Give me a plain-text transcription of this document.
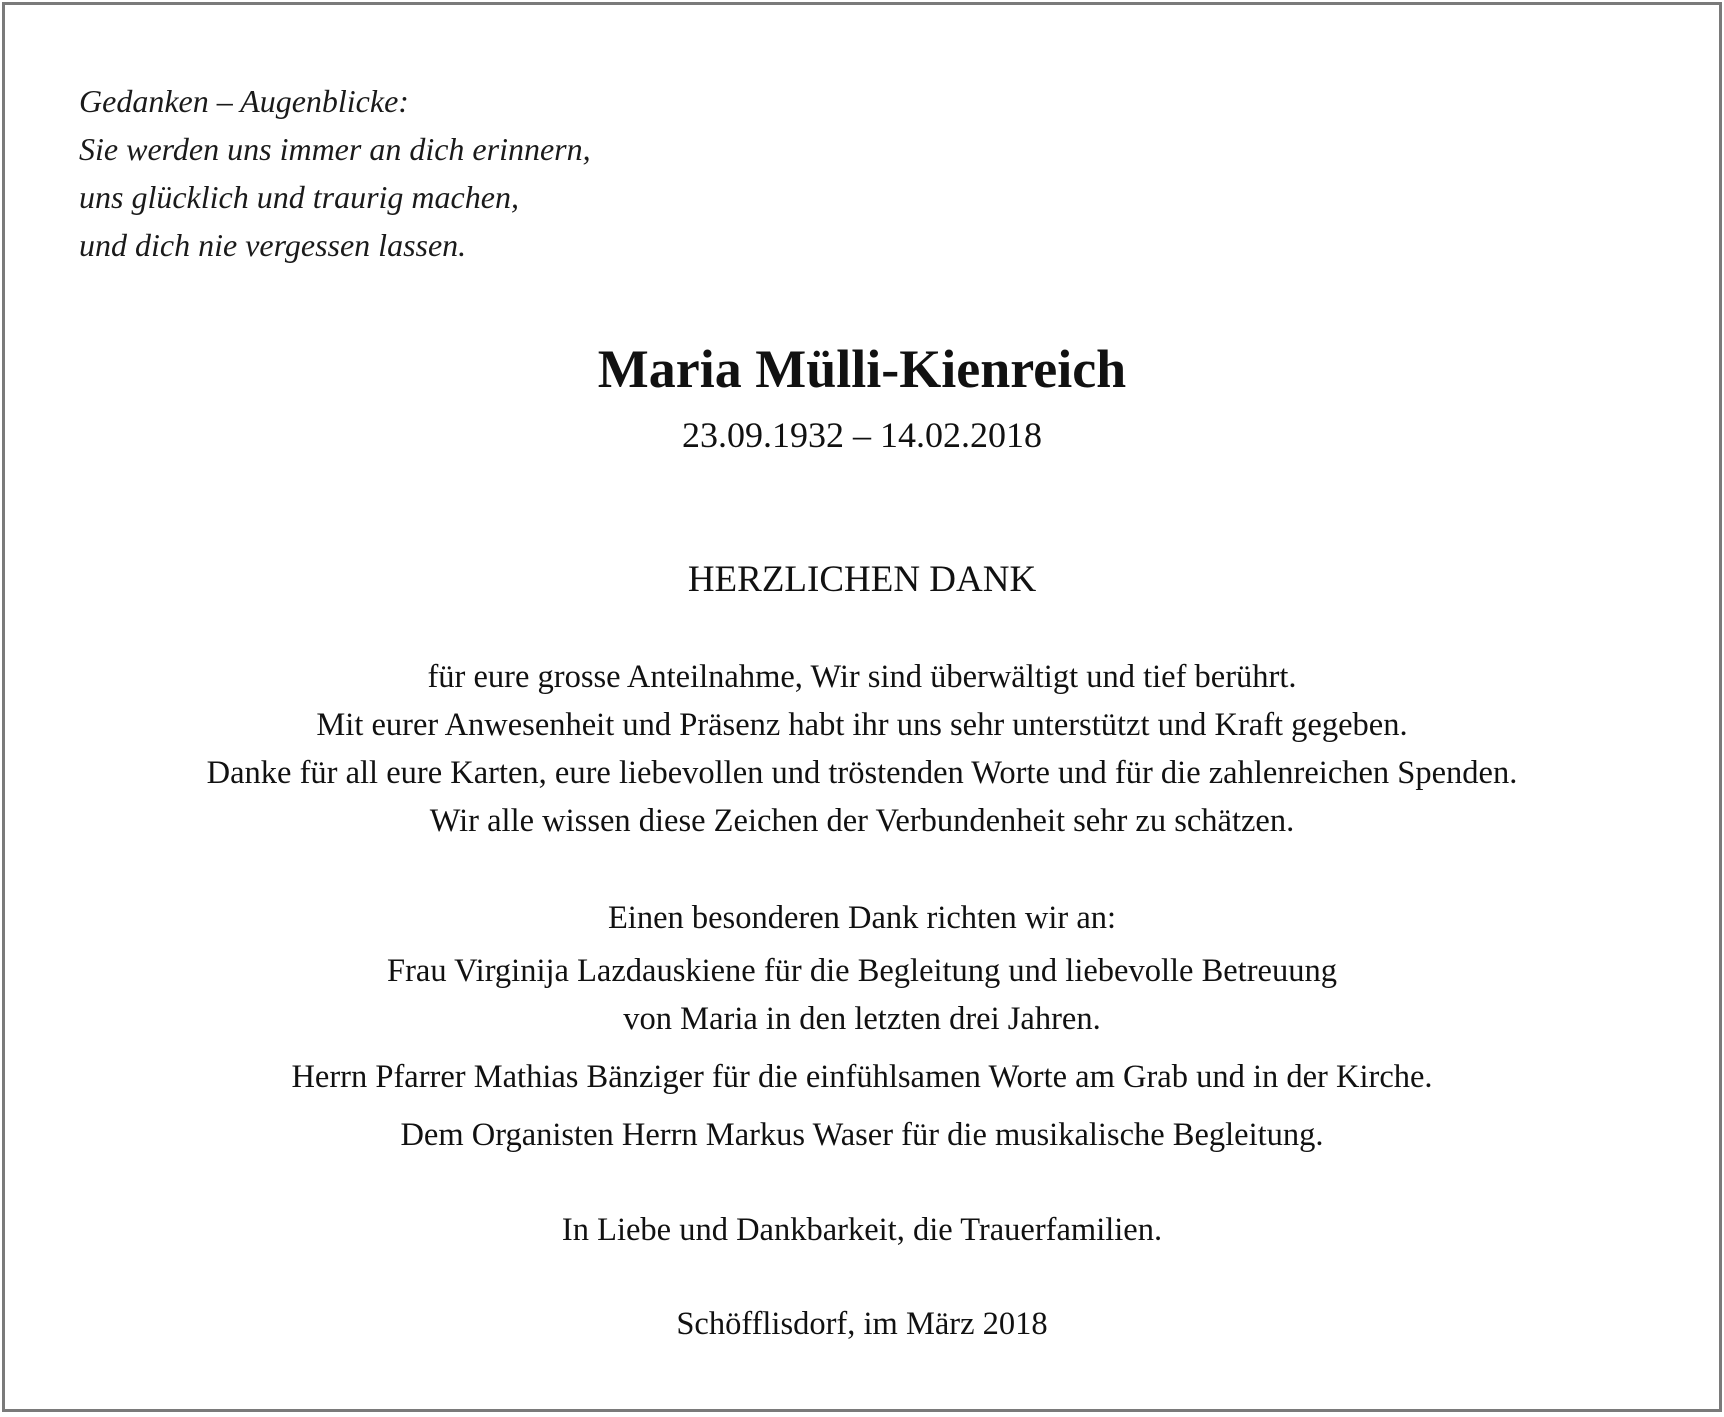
Gedanken – Augenblicke:
Sie werden uns immer an dich erinnern,
uns glücklich und traurig machen,
und dich nie vergessen lassen.
Maria Mülli-Kienreich
23.09.1932 – 14.02.2018
HERZLICHEN DANK
für eure grosse Anteilnahme, Wir sind überwältigt und tief berührt.
Mit eurer Anwesenheit und Präsenz habt ihr uns sehr unterstützt und Kraft gegeben.
Danke für all eure Karten, eure liebevollen und tröstenden Worte und für die zahlenreichen Spenden.
Wir alle wissen diese Zeichen der Verbundenheit sehr zu schätzen.
Einen besonderen Dank richten wir an:
Frau Virginija Lazdauskiene für die Begleitung und liebevolle Betreuung
von Maria in den letzten drei Jahren.
Herrn Pfarrer Mathias Bänziger für die einfühlsamen Worte am Grab und in der Kirche.
Dem Organisten Herrn Markus Waser für die musikalische Begleitung.
In Liebe und Dankbarkeit, die Trauerfamilien.
Schöfflisdorf, im März 2018
